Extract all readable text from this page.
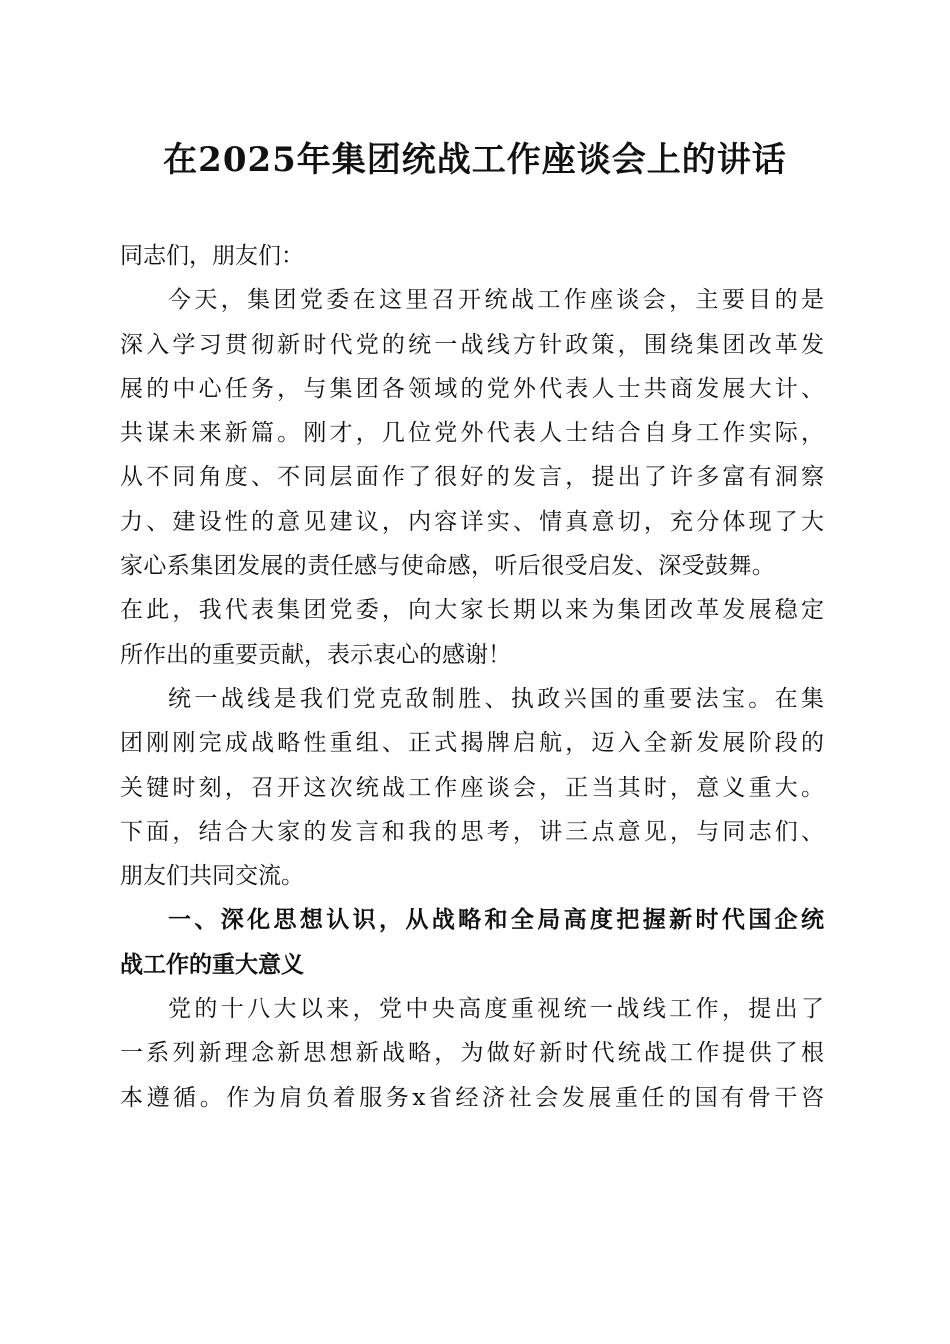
在2025年集团统战工作座谈会上的讲话
同志们，朋友们：
今天，集团党委在这里召开统战工作座谈会，主要目的是
深入学习贯彻新时代党的统一战线方针政策，围绕集团改革发
展的中心任务，与集团各领域的党外代表人士共商发展大计、
共谋未来新篇。刚才，几位党外代表人士结合自身工作实际，
从不同角度、不同层面作了很好的发言，提出了许多富有洞察
力、建设性的意见建议，内容详实、情真意切，充分体现了大
家心系集团发展的责任感与使命感，听后很受启发、深受鼓舞。
在此，我代表集团党委，向大家长期以来为集团改革发展稳定
所作出的重要贡献，表示衷心的感谢！
统一战线是我们党克敌制胜、执政兴国的重要法宝。在集
团刚刚完成战略性重组、正式揭牌启航，迈入全新发展阶段的
关键时刻，召开这次统战工作座谈会，正当其时，意义重大。
下面，结合大家的发言和我的思考，讲三点意见，与同志们、
朋友们共同交流。
一、深化思想认识，从战略和全局高度把握新时代国企统
战工作的重大意义
党的十八大以来，党中央高度重视统一战线工作，提出了
一系列新理念新思想新战略，为做好新时代统战工作提供了根
本遵循。作为肩负着服务x省经济社会发展重任的国有骨干咨
